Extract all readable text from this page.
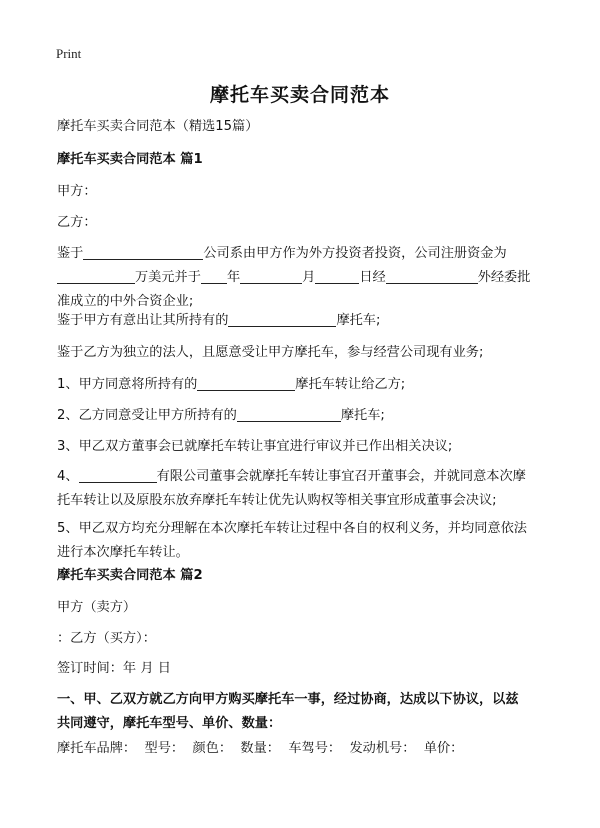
Print
摩托车买卖合同范本
摩托车买卖合同范本（精选15篇）
摩托车买卖合同范本 篇1
甲方：
乙方：
鉴于	公司系由甲方作为外方投资者投资，公司注册资金为
万美元并于 年	月	日经	外经委批
准成立的中外合资企业;
鉴于甲方有意出让其所持有的	摩托车;
鉴于乙方为独立的法人，且愿意受让甲方摩托车，参与经营公司现有业务;
1、甲方同意将所持有的	摩托车转让给乙方;
2、乙方同意受让甲方所持有的	摩托车;
3、甲乙双方董事会已就摩托车转让事宜进行审议并已作出相关决议;
4、	有限公司董事会就摩托车转让事宜召开董事会，并就同意本次摩
托车转让以及原股东放弃摩托车转让优先认购权等相关事宜形成董事会决议;
5、甲乙双方均充分理解在本次摩托车转让过程中各自的权利义务，并均同意依法
进行本次摩托车转让。
摩托车买卖合同范本 篇2
甲方（卖方）
：乙方（买方）：
签订时间：年 月 日
一、甲、乙双方就乙方向甲方购买摩托车一事，经过协商，达成以下协议，以兹
共同遵守，摩托车型号、单价、数量：
摩托车品牌：  型号：  颜色：  数量：  车驾号：  发动机号：  单价：
